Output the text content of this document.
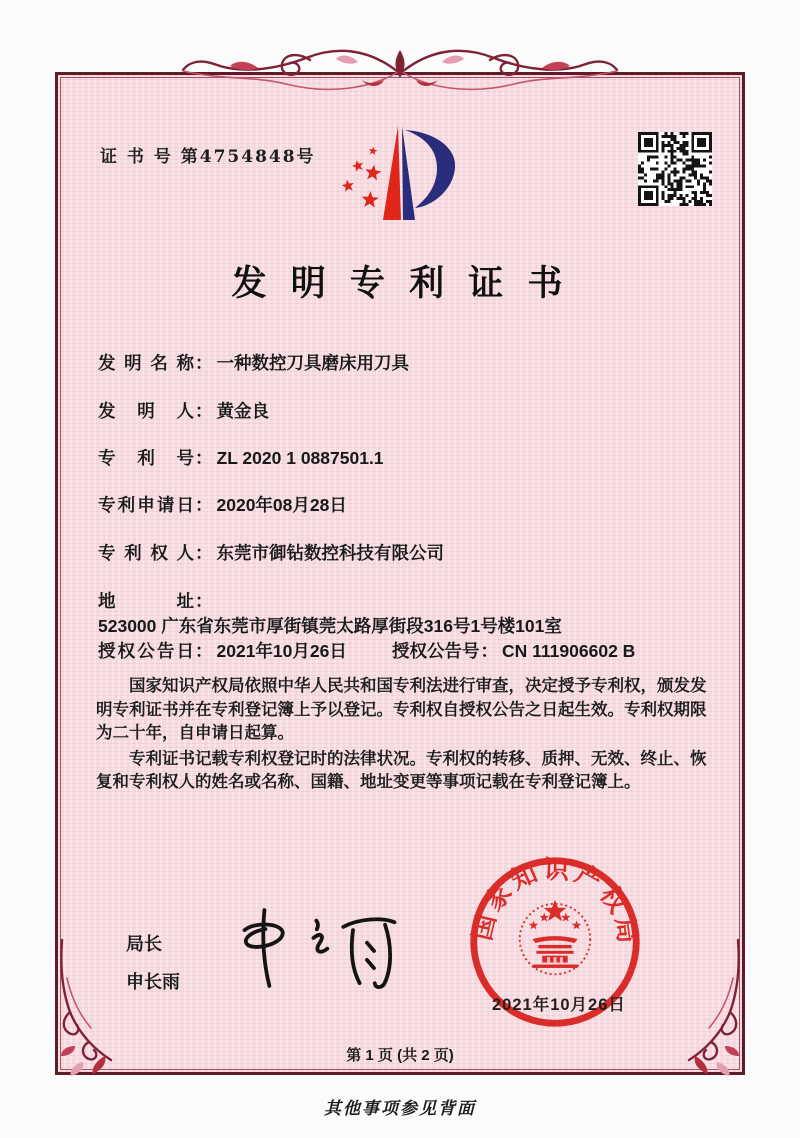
证 书 号 第4754848号
发 明 专 利 证 书
发明名称： 一种数控刀具磨床用刀具
发明人： 黄金良
专利号： ZL 2020 1 0887501.1
专利申请日： 2020年08月28日
专利权人： 东莞市御钻数控科技有限公司
地址：523000 广东省东莞市厚街镇莞太路厚街段316号1号楼101室
授权公告日： 2021年10月26日	授权公告号： CN 111906602 B

国家知识产权局依照中华人民共和国专利法进行审查，决定授予专利权，颁发发明专利证书并在专利登记簿上予以登记。专利权自授权公告之日起生效。专利权期限为二十年，自申请日起算。

专利证书记载专利权登记时的法律状况。专利权的转移、质押、无效、终止、恢复和专利权人的姓名或名称、国籍、地址变更等事项记载在专利登记簿上。

局长
申长雨
国家知识产权局
2021年10月26日
第 1 页 (共 2 页)
其他事项参见背面
